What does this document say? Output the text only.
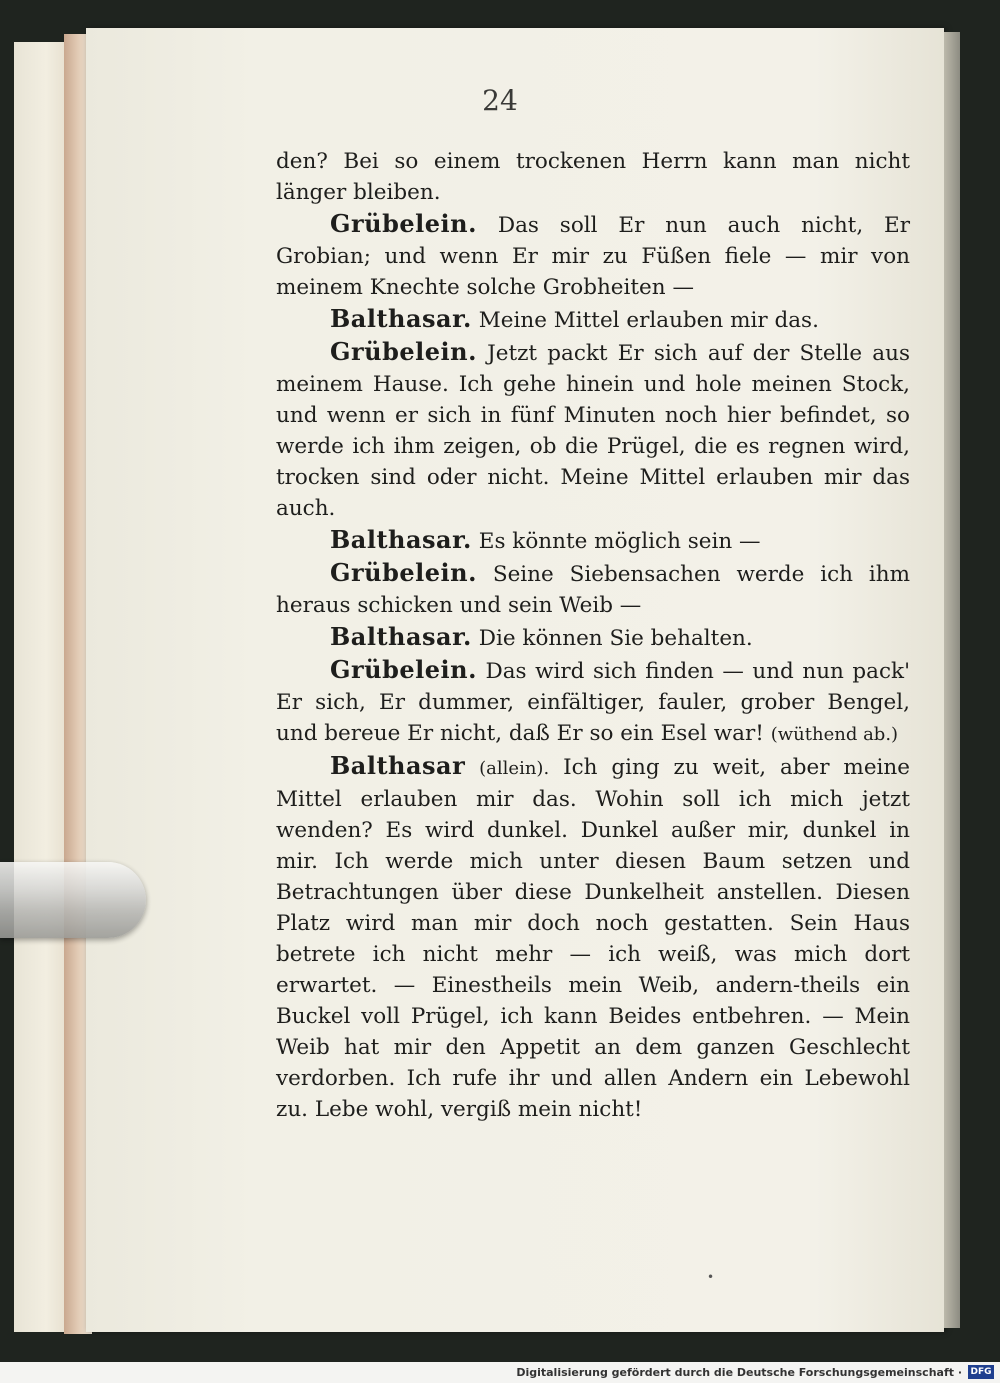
24

den? Bei so einem trockenen Herrn kann man nicht länger bleiben.

Grübelein. Das soll Er nun auch nicht, Er Grobian; und wenn Er mir zu Füßen fiele — mir von meinem Knechte solche Grobheiten —

Balthasar. Meine Mittel erlauben mir das.

Grübelein. Jetzt packt Er sich auf der Stelle aus meinem Hause. Ich gehe hinein und hole meinen Stock, und wenn er sich in fünf Minuten noch hier befindet, so werde ich ihm zeigen, ob die Prügel, die es regnen wird, trocken sind oder nicht. Meine Mittel erlauben mir das auch.

Balthasar. Es könnte möglich sein —

Grübelein. Seine Siebensachen werde ich ihm heraus schicken und sein Weib —

Balthasar. Die können Sie behalten.

Grübelein. Das wird sich finden — und nun pack' Er sich, Er dummer, einfältiger, fauler, grober Bengel, und bereue Er nicht, daß Er so ein Esel war! (wüthend ab.)

Balthasar (allein). Ich ging zu weit, aber meine Mittel erlauben mir das. Wohin soll ich mich jetzt wenden? Es wird dunkel. Dunkel außer mir, dunkel in mir. Ich werde mich unter diesen Baum setzen und Betrachtungen über diese Dunkelheit anstellen. Diesen Platz wird man mir doch noch gestatten. Sein Haus betrete ich nicht mehr — ich weiß, was mich dort erwartet. — Einestheils mein Weib, andern-theils ein Buckel voll Prügel, ich kann Beides entbehren. — Mein Weib hat mir den Appetit an dem ganzen Geschlecht verdorben. Ich rufe ihr und allen Andern ein Lebewohl zu. Lebe wohl, vergiß mein nicht!

•
Digitalisierung gefördert durch die Deutsche Forschungsgemeinschaft · DFG
